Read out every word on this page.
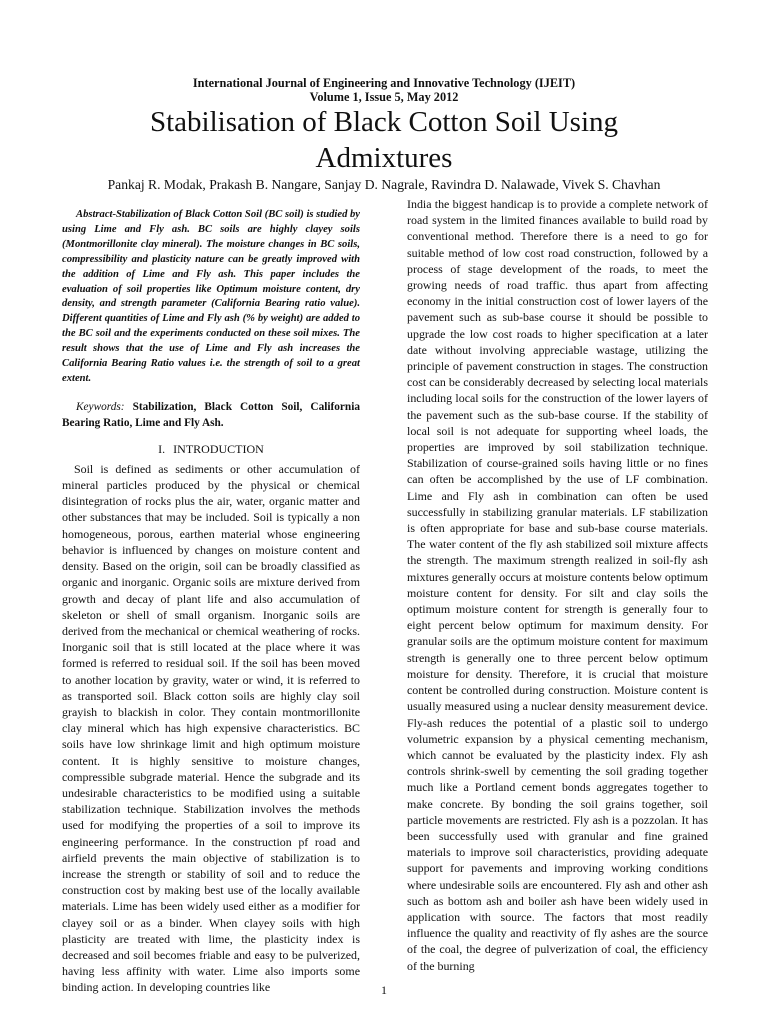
International Journal of Engineering and Innovative Technology (IJEIT)
Volume 1, Issue 5, May 2012
Stabilisation of Black Cotton Soil Using
Admixtures
Pankaj R. Modak, Prakash B. Nangare, Sanjay D. Nagrale, Ravindra D. Nalawade, Vivek S. Chavhan

Abstract-Stabilization of Black Cotton Soil (BC soil) is studied by using Lime and Fly ash. BC soils are highly clayey soils (Montmorillonite clay mineral). The moisture changes in BC soils, compressibility and plasticity nature can be greatly improved with the addition of Lime and Fly ash. This paper includes the evaluation of soil properties like Optimum moisture content, dry density, and strength parameter (California Bearing ratio value). Different quantities of Lime and Fly ash (% by weight) are added to the BC soil and the experiments conducted on these soil mixes. The result shows that the use of Lime and Fly ash increases the California Bearing Ratio values i.e. the strength of soil to a great extent.

Keywords: Stabilization, Black Cotton Soil, California Bearing Ratio, Lime and Fly Ash.

I. INTRODUCTION

Soil is defined as sediments or other accumulation of mineral particles produced by the physical or chemical disintegration of rocks plus the air, water, organic matter and other substances that may be included. Soil is typically a non homogeneous, porous, earthen material whose engineering behavior is influenced by changes on moisture content and density. Based on the origin, soil can be broadly classified as organic and inorganic. Organic soils are mixture derived from growth and decay of plant life and also accumulation of skeleton or shell of small organism. Inorganic soils are derived from the mechanical or chemical weathering of rocks. Inorganic soil that is still located at the place where it was formed is referred to residual soil. If the soil has been moved to another location by gravity, water or wind, it is referred to as transported soil. Black cotton soils are highly clay soil grayish to blackish in color. They contain montmorillonite clay mineral which has high expensive characteristics. BC soils have low shrinkage limit and high optimum moisture content. It is highly sensitive to moisture changes, compressible subgrade material. Hence the subgrade and its undesirable characteristics to be modified using a suitable stabilization technique. Stabilization involves the methods used for modifying the properties of a soil to improve its engineering performance. In the construction pf road and airfield prevents the main objective of stabilization is to increase the strength or stability of soil and to reduce the construction cost by making best use of the locally available materials. Lime has been widely used either as a modifier for clayey soil or as a binder. When clayey soils with high plasticity are treated with lime, the plasticity index is decreased and soil becomes friable and easy to be pulverized, having less affinity with water. Lime also imports some binding action. In developing countries like

India the biggest handicap is to provide a complete network of road system in the limited finances available to build road by conventional method. Therefore there is a need to go for suitable method of low cost road construction, followed by a process of stage development of the roads, to meet the growing needs of road traffic. thus apart from affecting economy in the initial construction cost of lower layers of the pavement such as sub-base course it should be possible to upgrade the low cost roads to higher specification at a later date without involving appreciable wastage, utilizing the principle of pavement construction in stages. The construction cost can be considerably decreased by selecting local materials including local soils for the construction of the lower layers of the pavement such as the sub-base course. If the stability of local soil is not adequate for supporting wheel loads, the properties are improved by soil stabilization technique. Stabilization of course-grained soils having little or no fines can often be accomplished by the use of LF combination. Lime and Fly ash in combination can often be used successfully in stabilizing granular materials. LF stabilization is often appropriate for base and sub-base course materials. The water content of the fly ash stabilized soil mixture affects the strength. The maximum strength realized in soil-fly ash mixtures generally occurs at moisture contents below optimum moisture content for density. For silt and clay soils the optimum moisture content for strength is generally four to eight percent below optimum for maximum density. For granular soils are the optimum moisture content for maximum strength is generally one to three percent below optimum moisture for density. Therefore, it is crucial that moisture content be controlled during construction. Moisture content is usually measured using a nuclear density measurement device. Fly-ash reduces the potential of a plastic soil to undergo volumetric expansion by a physical cementing mechanism, which cannot be evaluated by the plasticity index. Fly ash controls shrink-swell by cementing the soil grading together much like a Portland cement bonds aggregates together to make concrete. By bonding the soil grains together, soil particle movements are restricted. Fly ash is a pozzolan. It has been successfully used with granular and fine grained materials to improve soil characteristics, providing adequate support for pavements and improving working conditions where undesirable soils are encountered. Fly ash and other ash such as bottom ash and boiler ash have been widely used in application with source. The factors that most readily influence the quality and reactivity of fly ashes are the source of the coal, the degree of pulverization of coal, the efficiency of the burning

1
